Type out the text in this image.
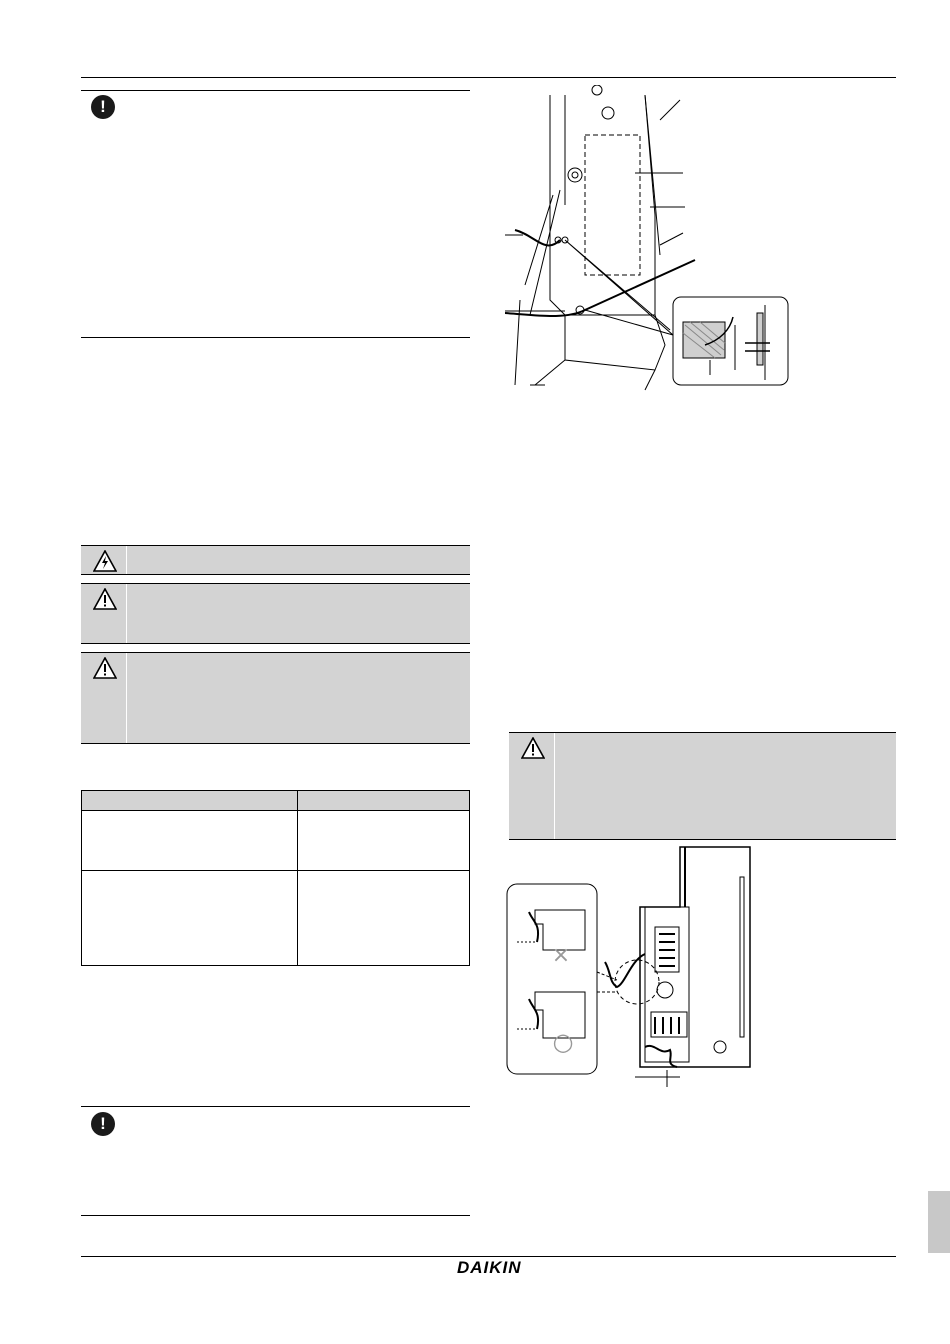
!

!
×
○
DAIKIN
